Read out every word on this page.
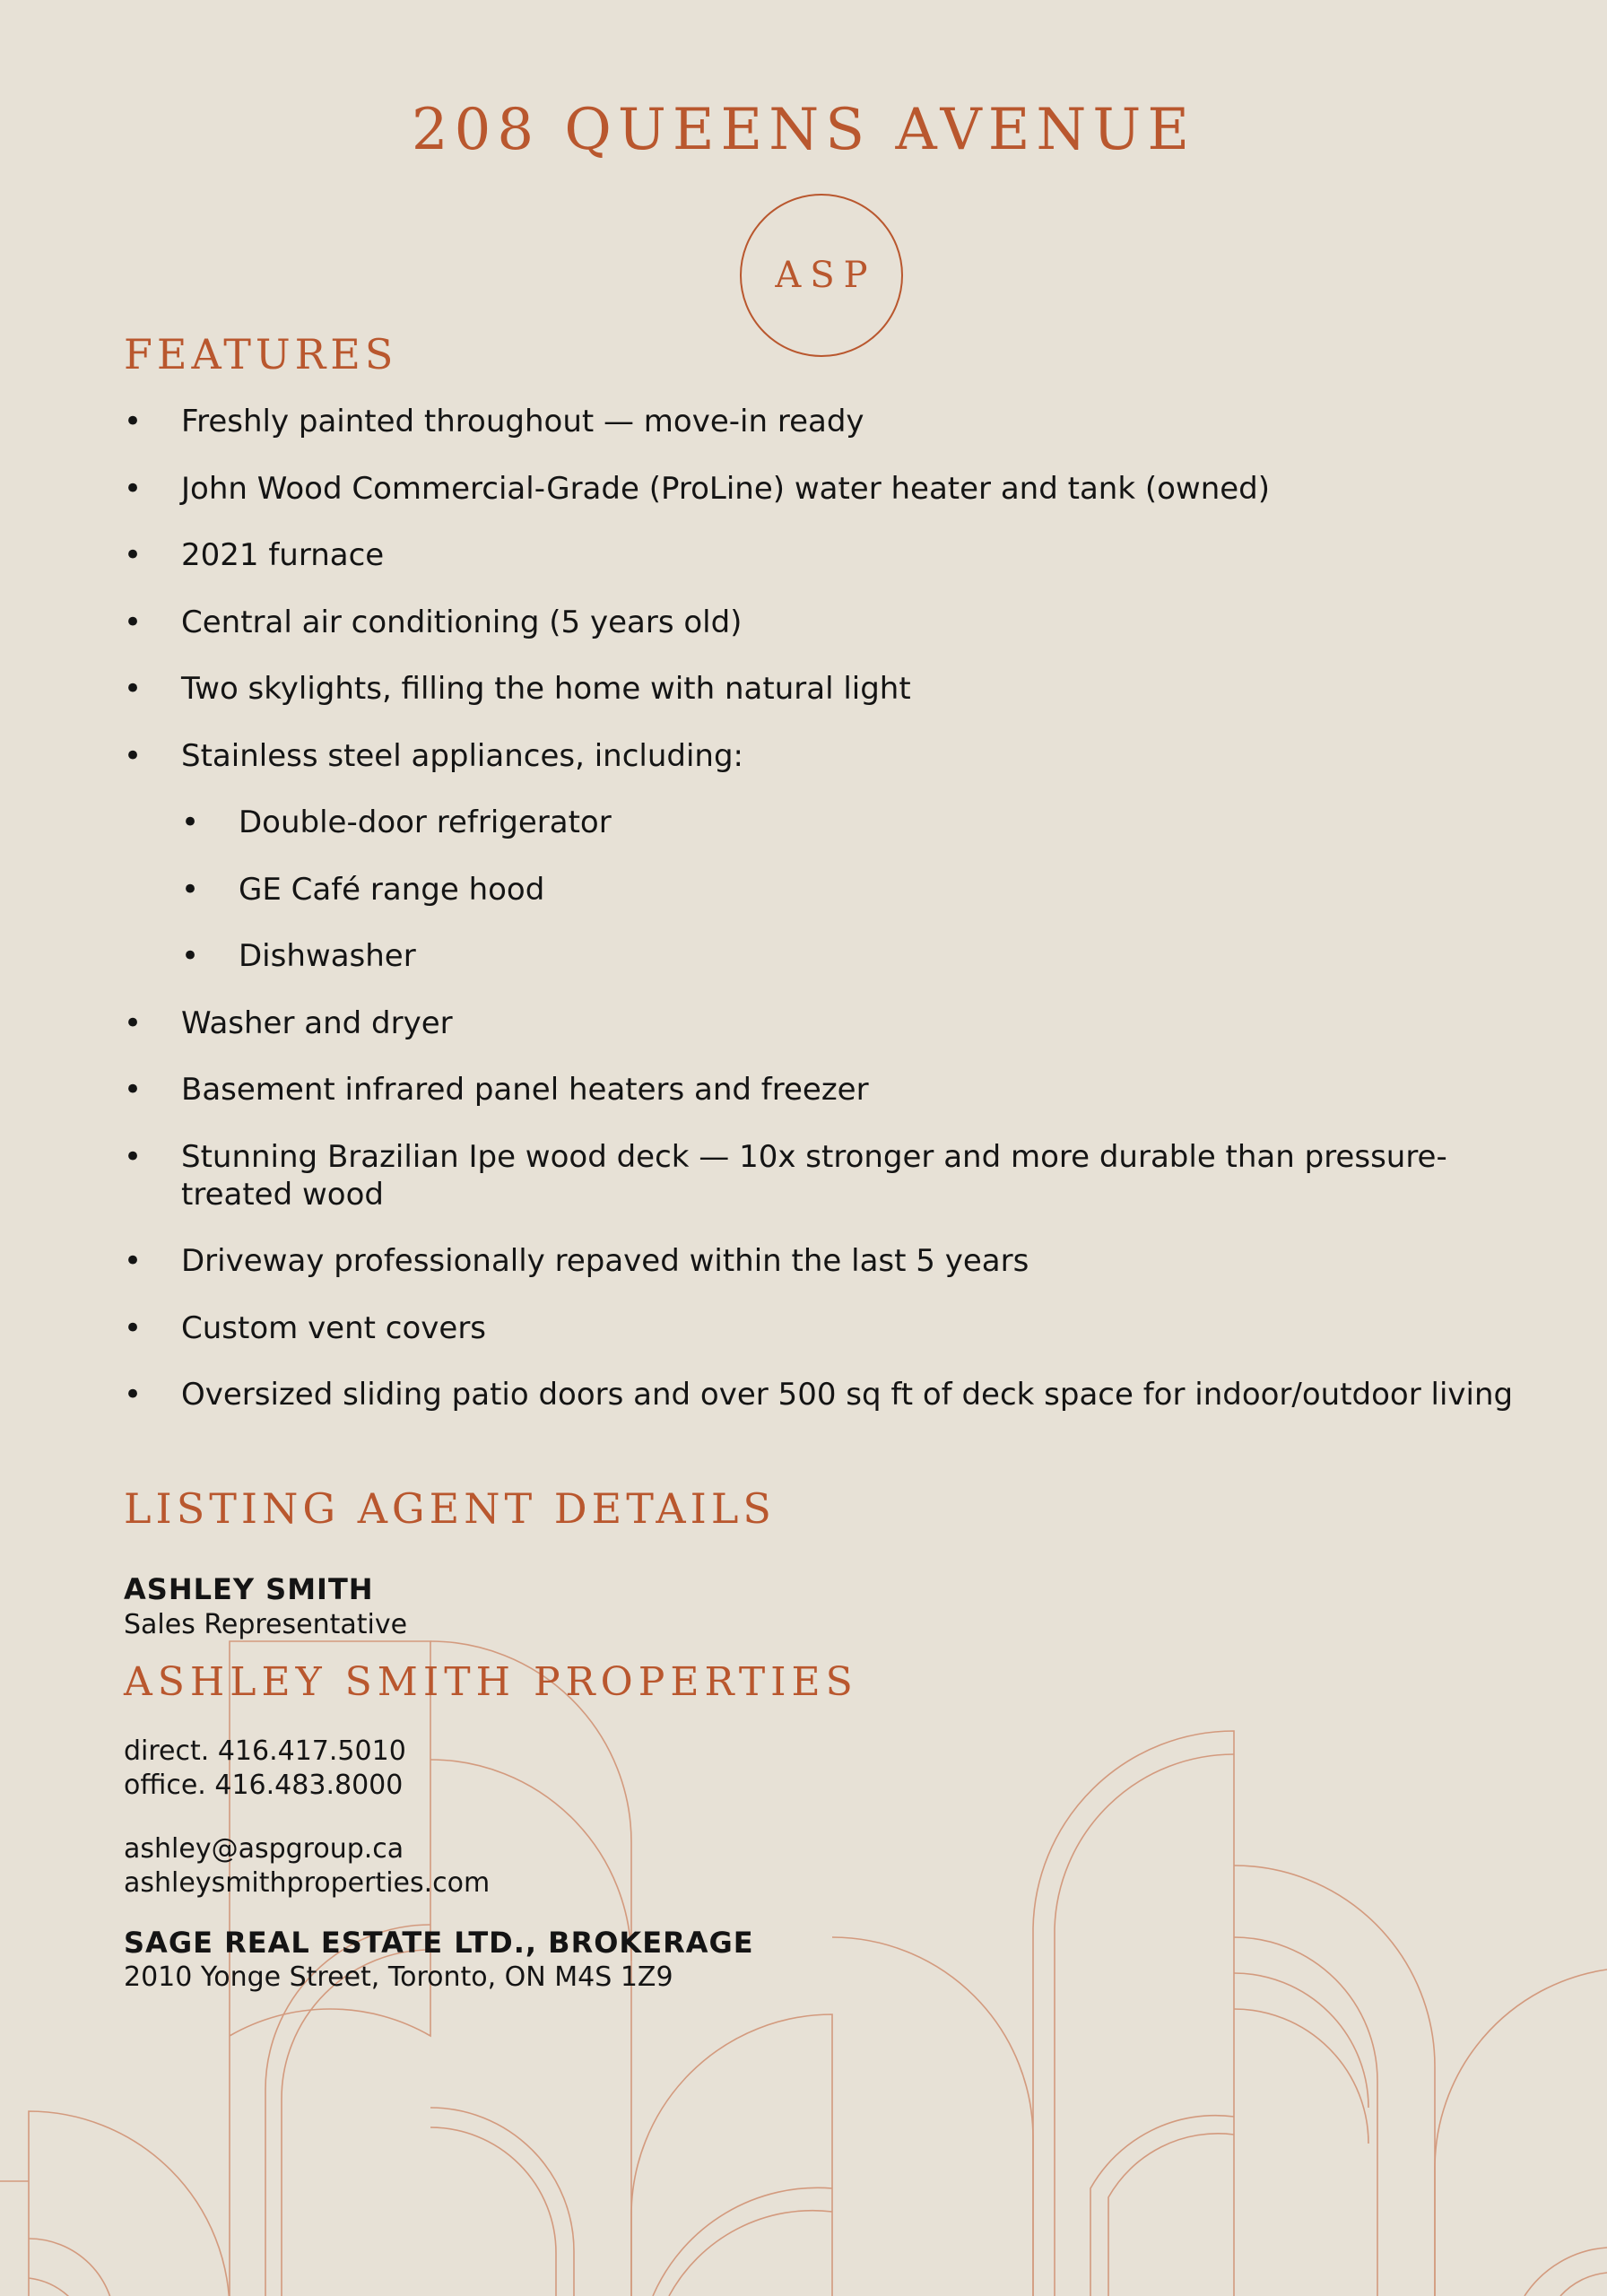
208 QUEENS AVENUE
ASP
FEATURES
• Freshly painted throughout — move-in ready
• John Wood Commercial-Grade (ProLine) water heater and tank (owned)
• 2021 furnace
• Central air conditioning (5 years old)
• Two skylights, filling the home with natural light
• Stainless steel appliances, including:
• Double-door refrigerator
• GE Café range hood
• Dishwasher
• Washer and dryer
• Basement infrared panel heaters and freezer
• Stunning Brazilian Ipe wood deck — 10x stronger and more durable than pressure-treated wood
• Driveway professionally repaved within the last 5 years
• Custom vent covers
• Oversized sliding patio doors and over 500 sq ft of deck space for indoor/outdoor living
LISTING AGENT DETAILS
ASHLEY SMITH
Sales Representative
ASHLEY SMITH PROPERTIES
direct. 416.417.5010
office. 416.483.8000
ashley@aspgroup.ca
ashleysmithproperties.com
SAGE REAL ESTATE LTD., BROKERAGE
2010 Yonge Street, Toronto, ON M4S 1Z9
